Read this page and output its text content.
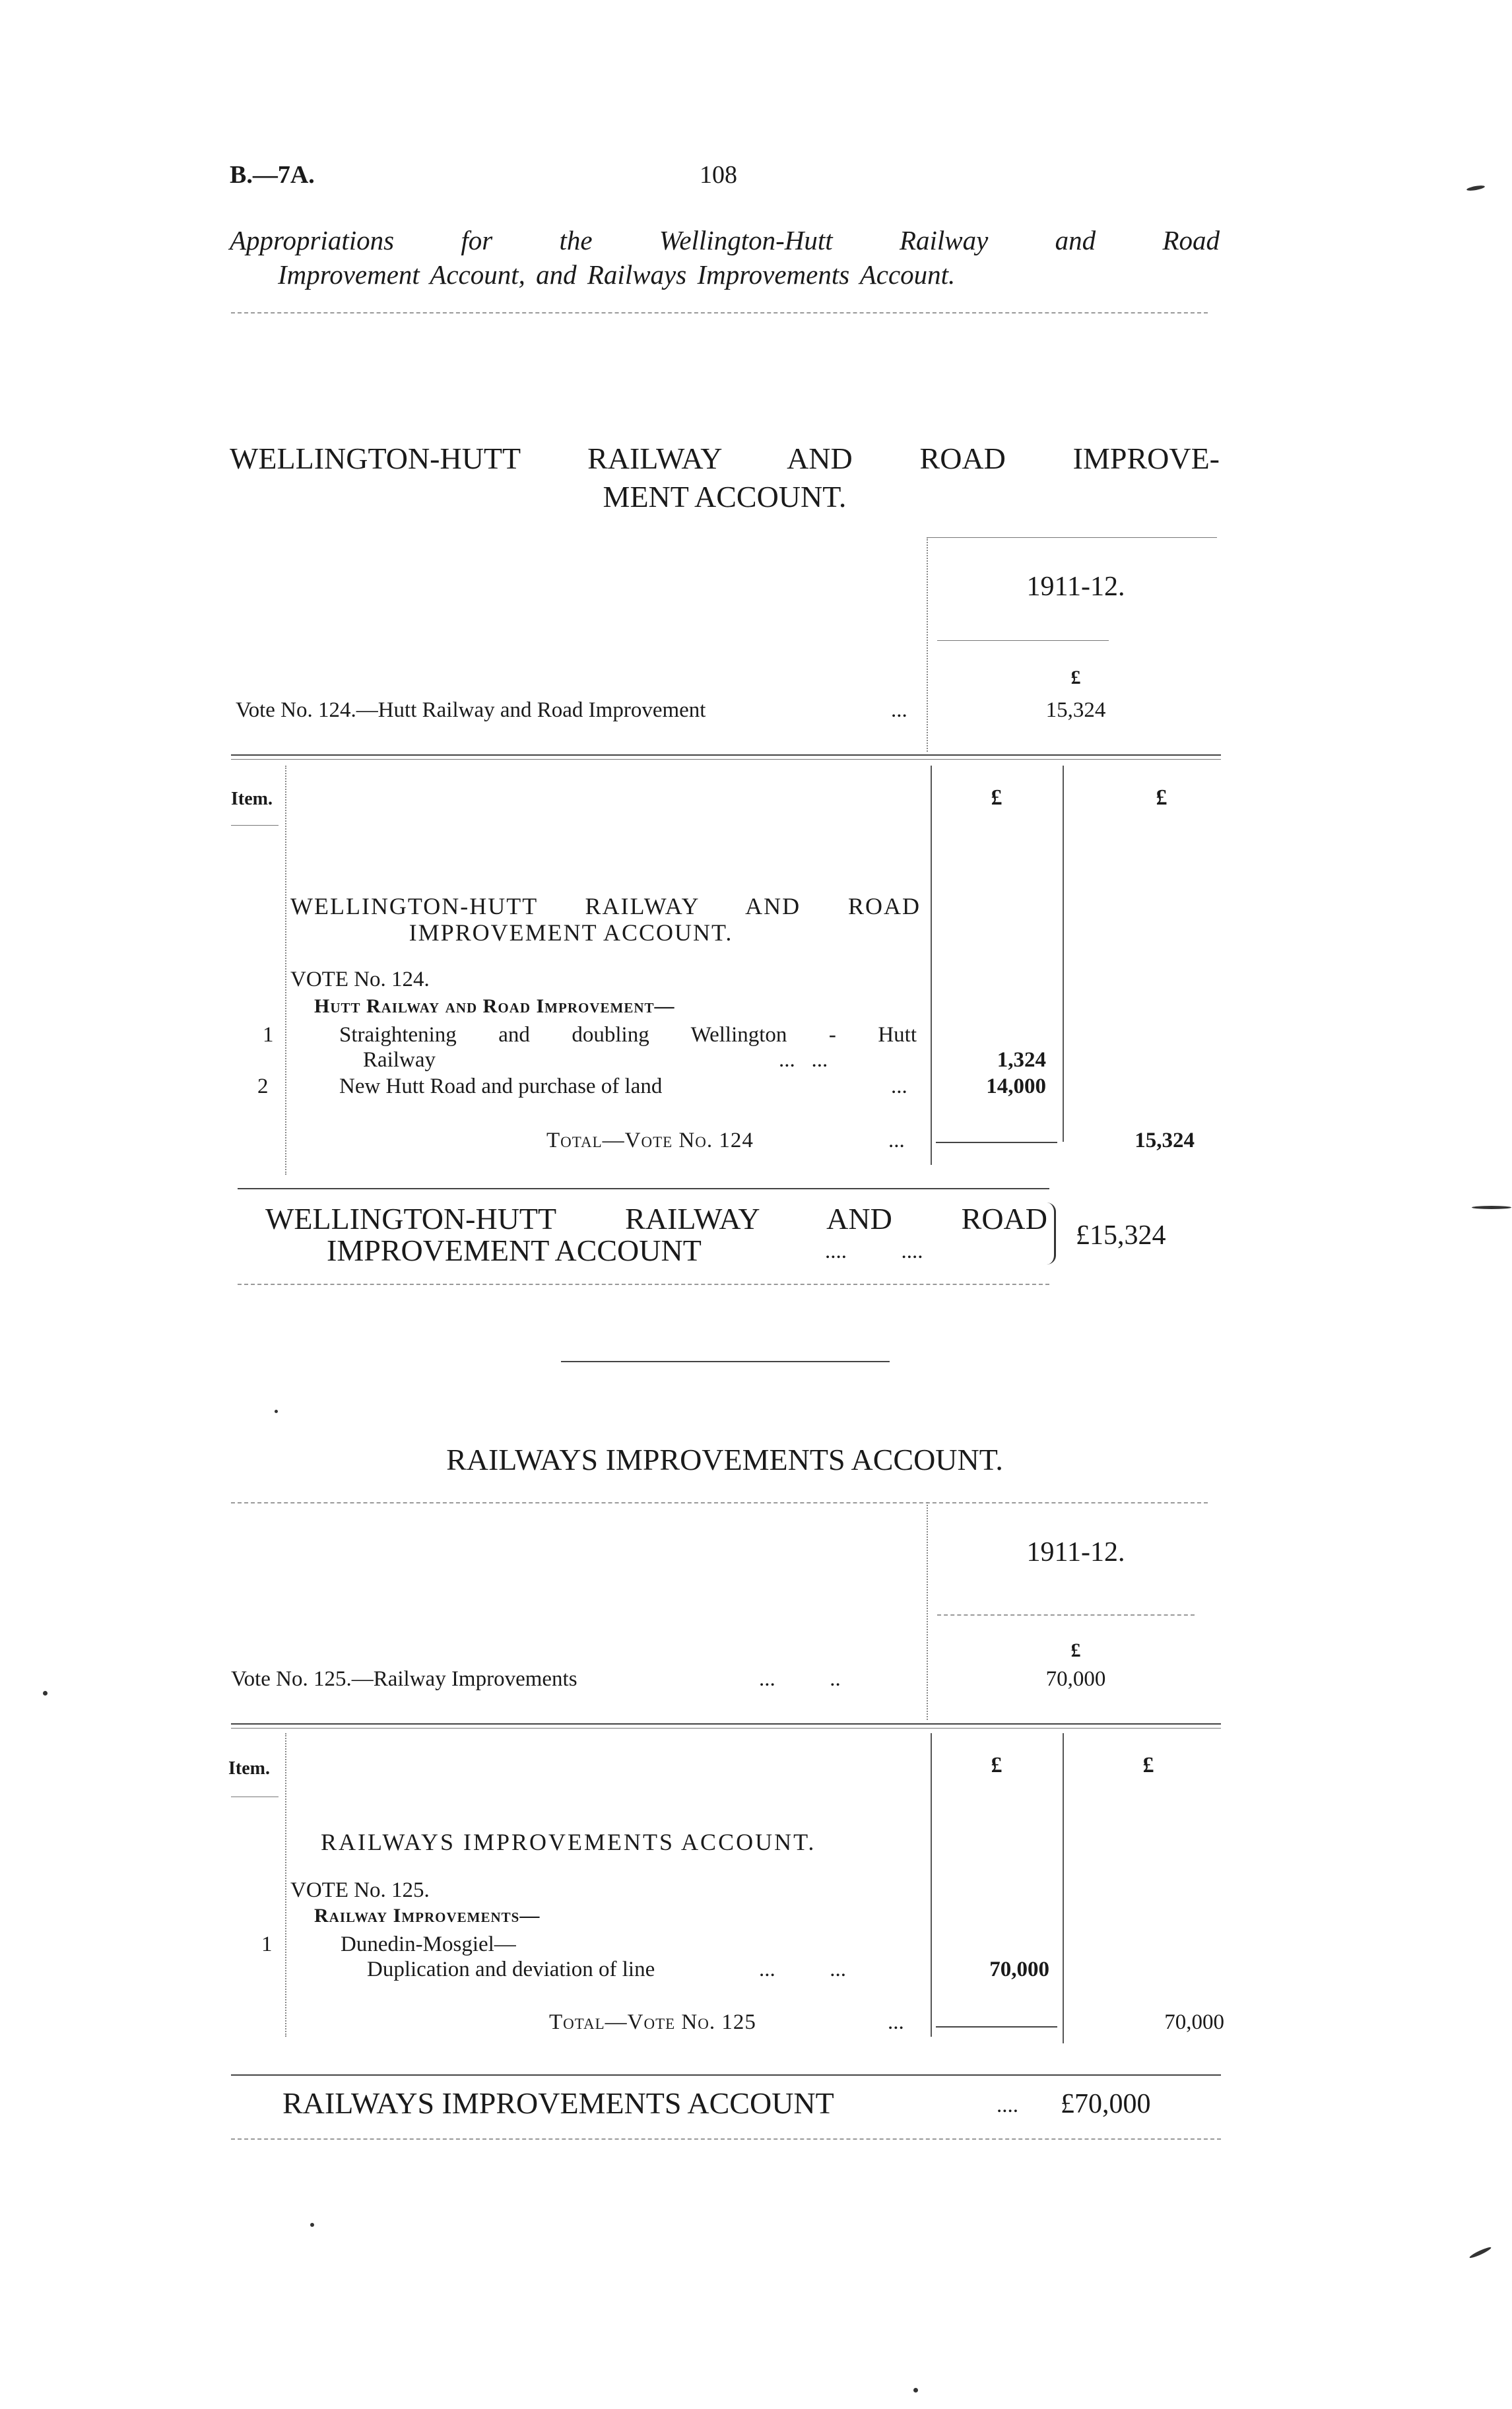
B.—7A.	108
Appropriations for the Wellington-Hutt Railway and Road
Improvement Account, and Railways Improvements Account.
WELLINGTON-HUTT RAILWAY AND ROAD IMPROVE-
MENT ACCOUNT.
1911-12.
£
Vote No. 124.—Hutt Railway and Road Improvement	...	15,324
Item.	£	£
WELLINGTON-HUTT RAILWAY AND ROAD
IMPROVEMENT ACCOUNT.
VOTE No. 124.
Hutt Railway and Road Improvement—
1	Straightening and doubling Wellington - Hutt
Railway	...   ...	1,324
2	New Hutt Road and purchase of land	...	14,000
Total—Vote No. 124	...	15,324
WELLINGTON-HUTT RAILWAY AND ROAD
IMPROVEMENT ACCOUNT	....          ....
£15,324
RAILWAYS IMPROVEMENTS ACCOUNT.
1911-12.
£
Vote No. 125.—Railway Improvements	...          ..	70,000
Item.	£	£
RAILWAYS IMPROVEMENTS ACCOUNT.
VOTE No. 125.
Railway Improvements—
1	Dunedin-Mosgiel—
Duplication and deviation of line	...          ...	70,000
Total—Vote No. 125	...	70,000
RAILWAYS IMPROVEMENTS ACCOUNT	.... £70,000
